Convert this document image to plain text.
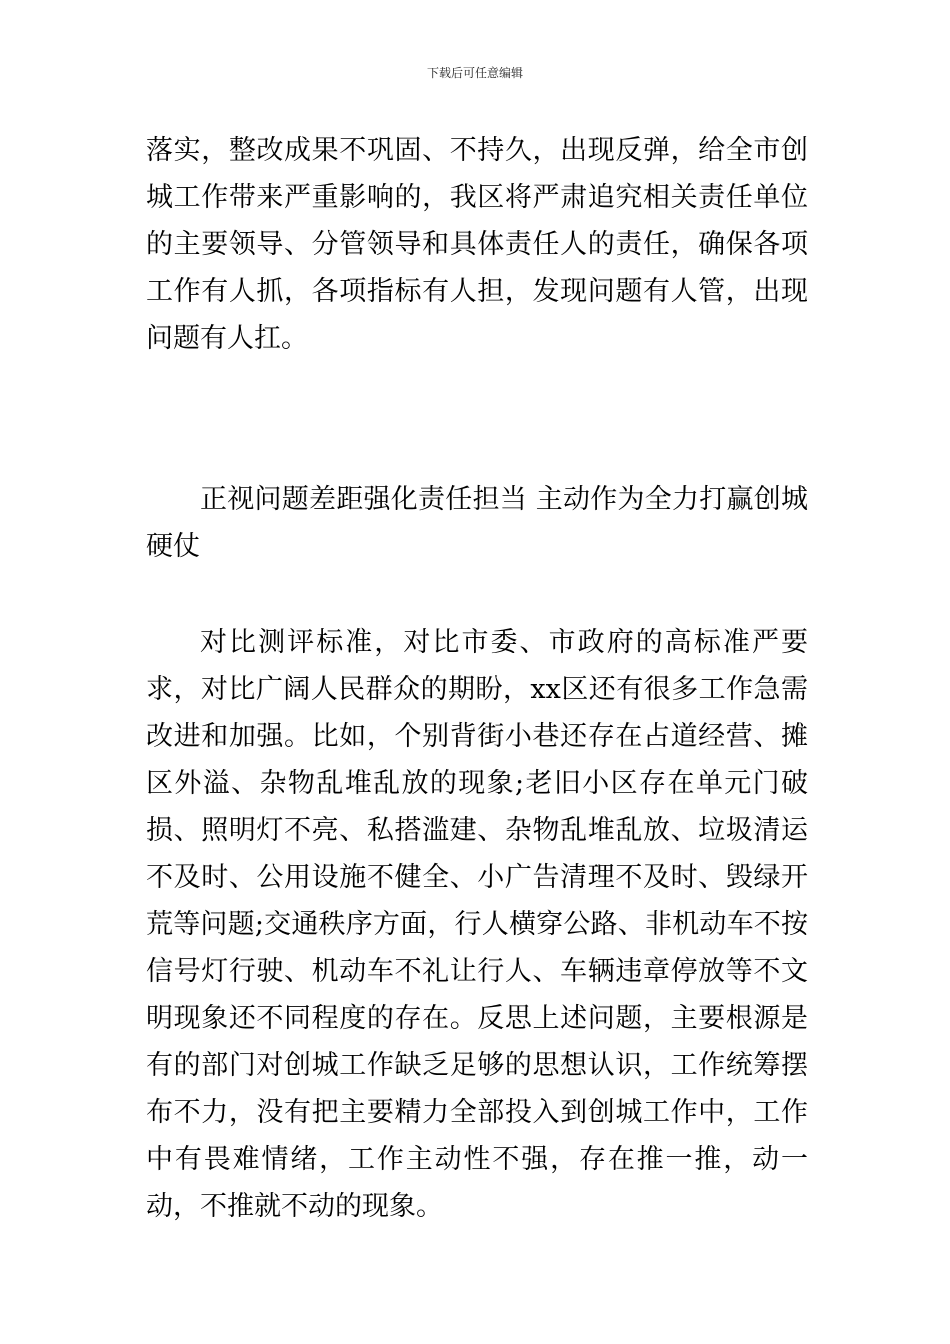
下载后可任意编辑

落实，整改成果不巩固、不持久，出现反弹，给全市创城工作带来严重影响的，我区将严肃追究相关责任单位的主要领导、分管领导和具体责任人的责任，确保各项工作有人抓，各项指标有人担，发现问题有人管，出现问题有人扛。

正视问题差距强化责任担当 主动作为全力打赢创城硬仗

对比测评标准，对比市委、市政府的高标准严要求，对比广阔人民群众的期盼，xx区还有很多工作急需改进和加强。比如，个别背街小巷还存在占道经营、摊区外溢、杂物乱堆乱放的现象;老旧小区存在单元门破损、照明灯不亮、私搭滥建、杂物乱堆乱放、垃圾清运不及时、公用设施不健全、小广告清理不及时、毁绿开荒等问题;交通秩序方面，行人横穿公路、非机动车不按信号灯行驶、机动车不礼让行人、车辆违章停放等不文明现象还不同程度的存在。反思上述问题，主要根源是有的部门对创城工作缺乏足够的思想认识，工作统筹摆布不力，没有把主要精力全部投入到创城工作中，工作中有畏难情绪，工作主动性不强，存在推一推，动一动，不推就不动的现象。
